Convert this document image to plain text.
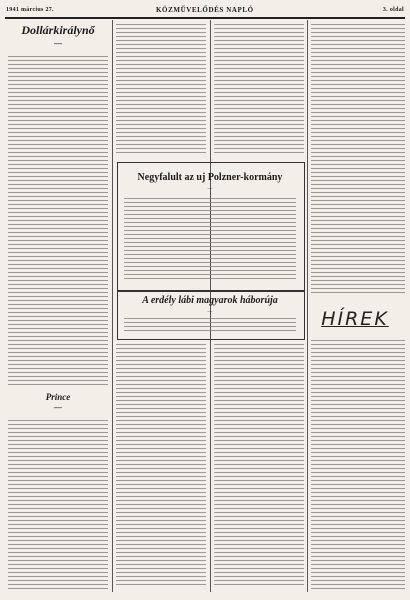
1941 március 27.	KÖZMŰVELŐDÉS NAPLÓ	3. oldal
Dollárkirálynő
—
Prince
—
Negyfalult az uj Polzner-kormány
—
A erdély lábi magyarok háborúja
—	HÍREK
